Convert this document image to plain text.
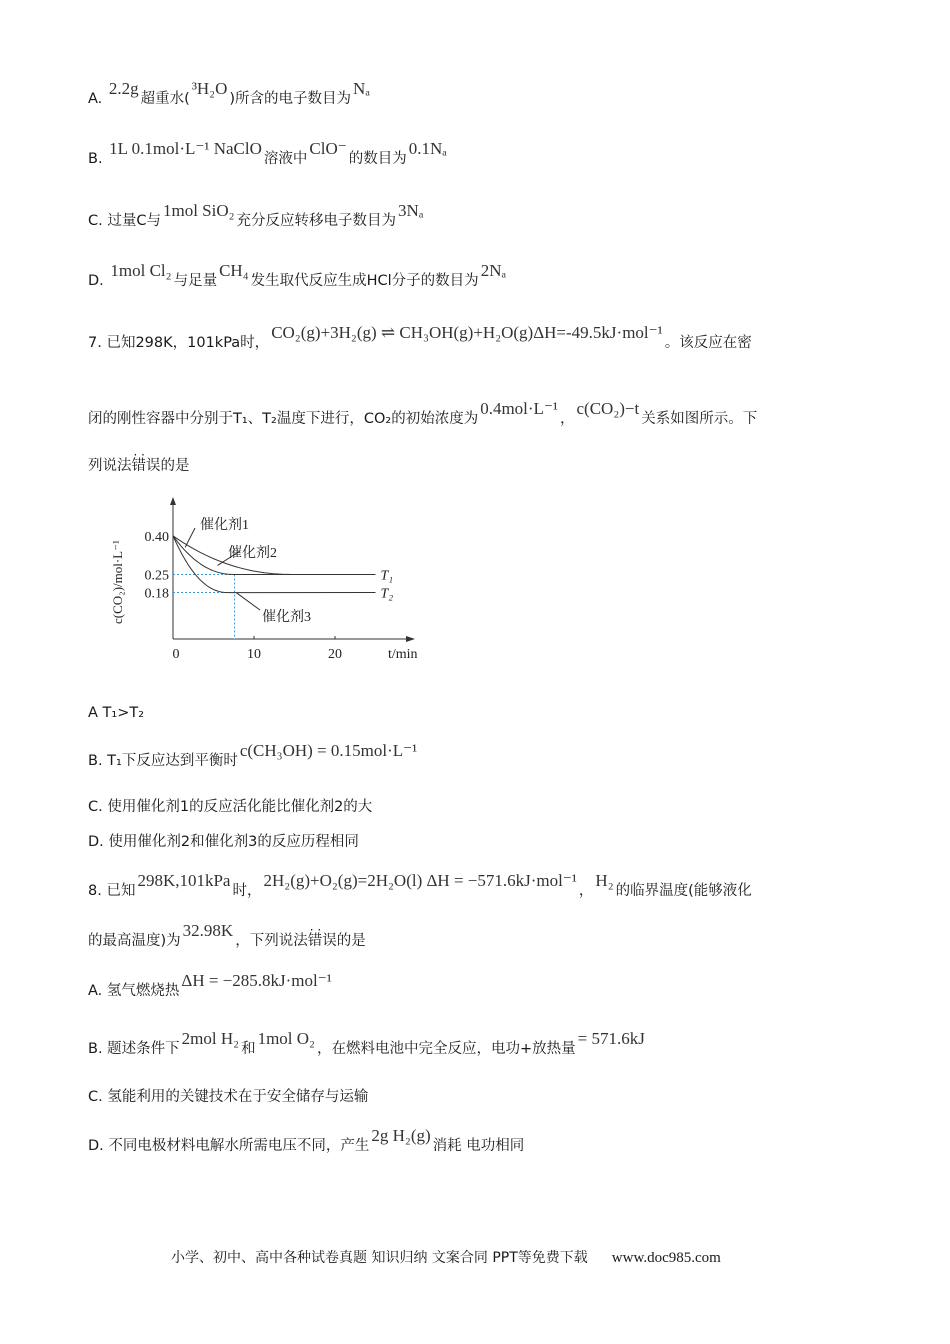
A. 2.2g超重水(³H₂O)所含的电子数目为Nₐ
B. 1L 0.1mol·L⁻¹ NaClO溶液中ClO⁻的数目为0.1Nₐ
C. 过量C与1mol SiO₂充分反应转移电子数目为3Nₐ
D. 1mol Cl₂与足量CH₄发生取代反应生成HCl分子的数目为2Nₐ
7. 已知298K，101kPa时，CO₂(g)+3H₂(g) ⇌ CH₃OH(g)+H₂O(g)ΔH=-49.5kJ·mol⁻¹。该反应在密
闭的刚性容器中分别于T₁、T₂温度下进行，CO₂的初始浓度为0.4mol·L⁻¹，c(CO₂)−t关系如图所示。下
列说法· · 错误的是
A T₁>T₂
B. T₁下反应达到平衡时c(CH₃OH) = 0.15mol·L⁻¹
C. 使用催化剂1的反应活化能比催化剂2的大
D. 使用催化剂2和催化剂3的反应历程相同
8. 已知298K,101kPa时，2H₂(g)+O₂(g)=2H₂O(l) ΔH = −571.6kJ·mol⁻¹，H₂的临界温度(能够液化
的最高温度)为32.98K，下列说法· · 错误的是
A. 氢气燃烧热ΔH = −285.8kJ·mol⁻¹
B. 题述条件下2mol H₂和1mol O₂，在燃料电池中完全反应，电功+放热量= 571.6kJ
C. 氢能利用的关键技术在于安全储存与运输
D. 不同电极材料电解水所需电压不同，产生2g H₂(g)消耗 电功相同
催化剂1
催化剂2
催化剂3
T₁
T₂
0.40
0.25
0.18
0	10	20	t/min
c(CO₂)/mol·L⁻¹
小学、初中、高中各种试卷真题 知识归纳 文案合同 PPT等免费下载 www.doc985.com
